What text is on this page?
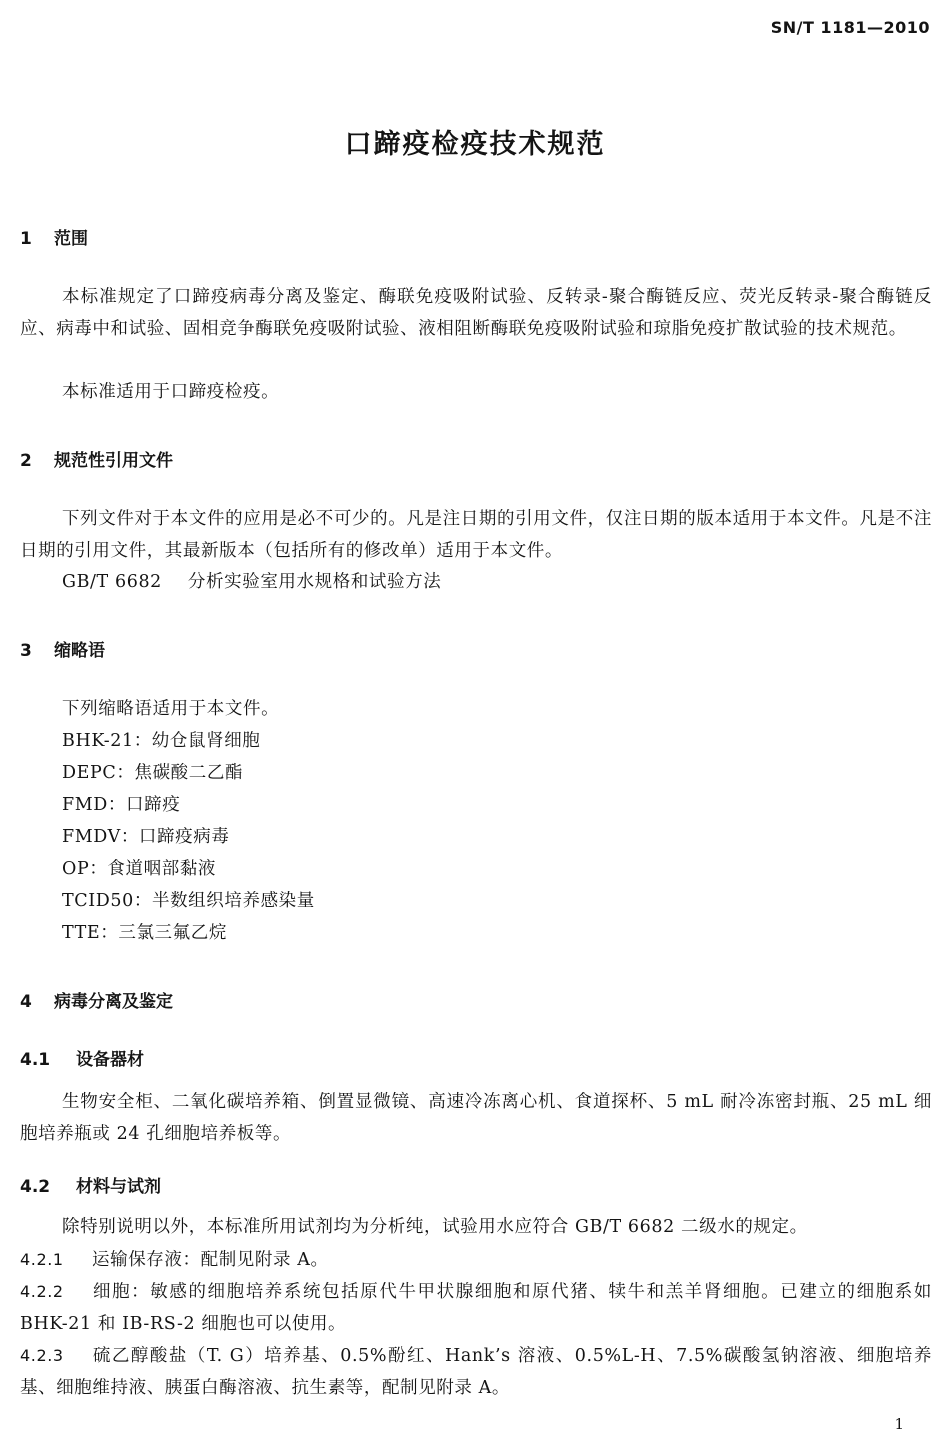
SN/T 1181—2010
口蹄疫检疫技术规范
1 范围

本标准规定了口蹄疫病毒分离及鉴定、酶联免疫吸附试验、反转录-聚合酶链反应、荧光反转录-聚合酶链反应、病毒中和试验、固相竞争酶联免疫吸附试验、液相阻断酶联免疫吸附试验和琼脂免疫扩散试验的技术规范。

本标准适用于口蹄疫检疫。

2 规范性引用文件

下列文件对于本文件的应用是必不可少的。凡是注日期的引用文件，仅注日期的版本适用于本文件。凡是不注日期的引用文件，其最新版本（包括所有的修改单）适用于本文件。

GB/T 6682 分析实验室用水规格和试验方法
3 缩略语
下列缩略语适用于本文件。
BHK-21：幼仓鼠肾细胞
DEPC：焦碳酸二乙酯
FMD：口蹄疫
FMDV：口蹄疫病毒
OP：食道咽部黏液
TCID50：半数组织培养感染量
TTE：三氯三氟乙烷
4 病毒分离及鉴定
4.1 设备器材

生物安全柜、二氧化碳培养箱、倒置显微镜、高速冷冻离心机、食道探杯、5 mL 耐冷冻密封瓶、25 mL 细胞培养瓶或 24 孔细胞培养板等。

4.2 材料与试剂

除特别说明以外，本标准所用试剂均为分析纯，试验用水应符合 GB/T 6682 二级水的规定。

4.2.1 运输保存液：配制见附录 A。

4.2.2 细胞：敏感的细胞培养系统包括原代牛甲状腺细胞和原代猪、犊牛和羔羊肾细胞。已建立的细胞系如 BHK-21 和 IB-RS-2 细胞也可以使用。

4.2.3 硫乙醇酸盐（T. G）培养基、0.5%酚红、Hank’s 溶液、0.5%L-H、7.5%碳酸氢钠溶液、细胞培养基、细胞维持液、胰蛋白酶溶液、抗生素等，配制见附录 A。

1
